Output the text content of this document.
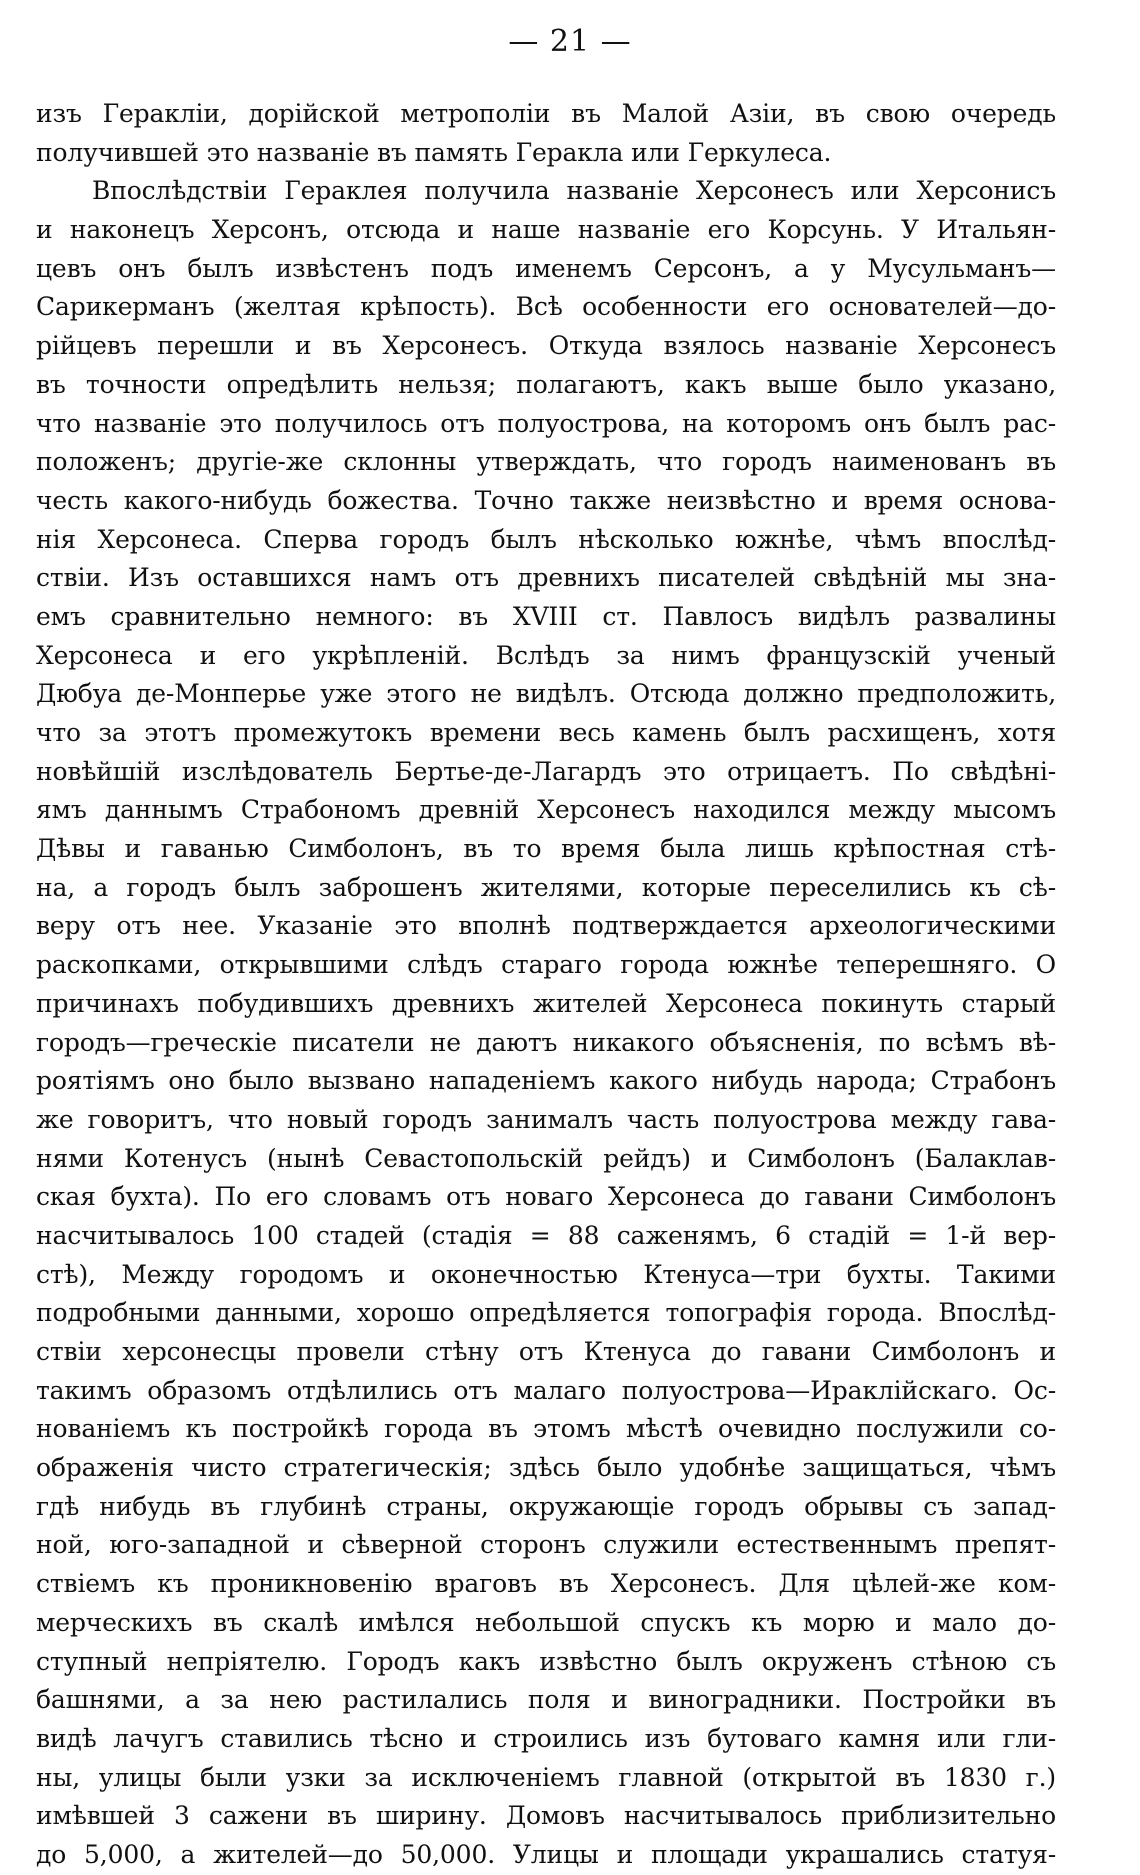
— 21 —
изъ Геракліи, дорійской метрополіи въ Малой Азіи, въ свою очередь
получившей это названіе въ память Геракла или Геркулеса.
Впослѣдствіи Гераклея получила названіе Херсонесъ или Херсонисъ
и наконецъ Херсонъ, отсюда и наше названіе его Корсунь. У Итальян-
цевъ онъ былъ извѣстенъ подъ именемъ Серсонъ, а у Мусульманъ—
Сарикерманъ (желтая крѣпость). Всѣ особенности его основателей—до-
рійцевъ перешли и въ Херсонесъ. Откуда взялось названіе Херсонесъ
въ точности опредѣлить нельзя; полагаютъ, какъ выше было указано,
что названіе это получилось отъ полуострова, на которомъ онъ былъ рас-
положенъ; другіе-же склонны утверждать, что городъ наименованъ въ
честь какого-нибудь божества. Точно также неизвѣстно и время основа-
нія Херсонеса. Сперва городъ былъ нѣсколько южнѣе, чѣмъ впослѣд-
ствіи. Изъ оставшихся намъ отъ древнихъ писателей свѣдѣній мы зна-
емъ сравнительно немного: въ XVIII ст. Павлосъ видѣлъ развалины
Херсонеса и его укрѣпленій. Вслѣдъ за нимъ французскій ученый
Дюбуа де-Монперье уже этого не видѣлъ. Отсюда должно предположить,
что за этотъ промежутокъ времени весь камень былъ расхищенъ, хотя
новѣйшій изслѣдователь Бертье-де-Лагардъ это отрицаетъ. По свѣдѣні-
ямъ даннымъ Страбономъ древній Херсонесъ находился между мысомъ
Дѣвы и гаванью Симболонъ, въ то время была лишь крѣпостная стѣ-
на, а городъ былъ заброшенъ жителями, которые переселились къ сѣ-
веру отъ нее. Указаніе это вполнѣ подтверждается археологическими
раскопками, открывшими слѣдъ стараго города южнѣе теперешняго. О
причинахъ побудившихъ древнихъ жителей Херсонеса покинуть старый
городъ—греческіе писатели не даютъ никакого объясненія, по всѣмъ вѣ-
роятіямъ оно было вызвано нападеніемъ какого нибудь народа; Страбонъ
же говоритъ, что новый городъ занималъ часть полуострова между гава-
нями Котенусъ (нынѣ Севастопольскій рейдъ) и Симболонъ (Балаклав-
ская бухта). По его словамъ отъ новаго Херсонеса до гавани Симболонъ
насчитывалось 100 стадей (стадія = 88 саженямъ, 6 стадій = 1-й вер-
стѣ), Между городомъ и оконечностью Ктенуса—три бухты. Такими
подробными данными, хорошо опредѣляется топографія города. Впослѣд-
ствіи херсонесцы провели стѣну отъ Ктенуса до гавани Симболонъ и
такимъ образомъ отдѣлились отъ малаго полуострова—Ираклійскаго. Ос-
нованіемъ къ постройкѣ города въ этомъ мѣстѣ очевидно послужили со-
ображенія чисто стратегическія; здѣсь было удобнѣе защищаться, чѣмъ
гдѣ нибудь въ глубинѣ страны, окружающіе городъ обрывы съ запад-
ной, юго-западной и сѣверной сторонъ служили естественнымъ препят-
ствіемъ къ проникновенію враговъ въ Херсонесъ. Для цѣлей-же ком-
мерческихъ въ скалѣ имѣлся небольшой спускъ къ морю и мало до-
ступный непріятелю. Городъ какъ извѣстно былъ окруженъ стѣною съ
башнями, а за нею растилались поля и виноградники. Постройки въ
видѣ лачугъ ставились тѣсно и строились изъ бутоваго камня или гли-
ны, улицы были узки за исключеніемъ главной (открытой въ 1830 г.)
имѣвшей 3 сажени въ ширину. Домовъ насчитывалось приблизительно
до 5,000, а жителей—до 50,000. Улицы и площади украшались статуя-
